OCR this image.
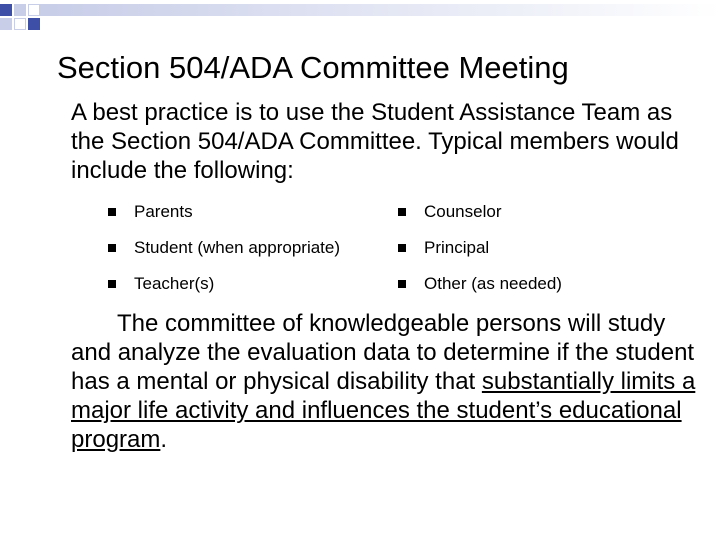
Section 504/ADA Committee Meeting
A best practice is to use the Student Assistance Team as the Section 504/ADA Committee. Typical members would include the following:
Parents
Student (when appropriate)
Teacher(s)
Counselor
Principal
Other (as needed)
The committee of knowledgeable persons will study and analyze the evaluation data to determine if the student has a mental or physical disability that substantially limits a major life activity and influences the student’s educational program.
